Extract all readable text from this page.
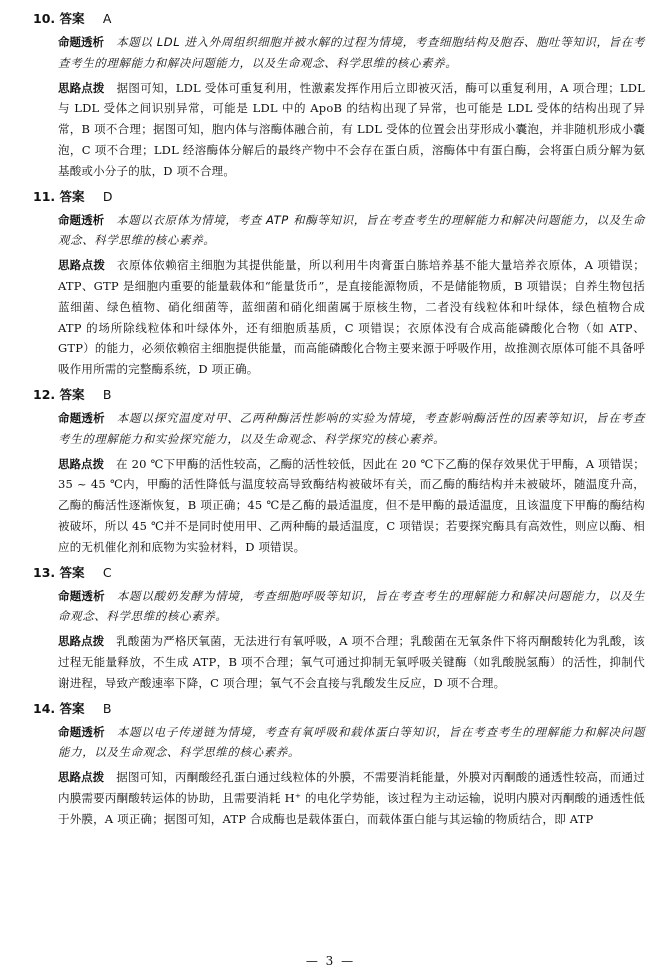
10. 答案 A

命题透析 本题以 LDL 进入外周组织细胞并被水解的过程为情境，考查细胞结构及胞吞、胞吐等知识，旨在考查考生的理解能力和解决问题能力，以及生命观念、科学思维的核心素养。

思路点拨 据图可知，LDL 受体可重复利用，性激素发挥作用后立即被灭活，酶可以重复利用，A 项合理；LDL 与 LDL 受体之间识别异常，可能是 LDL 中的 ApoB 的结构出现了异常，也可能是 LDL 受体的结构出现了异常，B 项不合理；据图可知，胞内体与溶酶体融合前，有 LDL 受体的位置会出芽形成小囊泡，并非随机形成小囊泡，C 项不合理；LDL 经溶酶体分解后的最终产物中不会存在蛋白质，溶酶体中有蛋白酶，会将蛋白质分解为氨基酸或小分子的肽，D 项不合理。

11. 答案 D

命题透析 本题以衣原体为情境，考查 ATP 和酶等知识，旨在考查考生的理解能力和解决问题能力，以及生命观念、科学思维的核心素养。

思路点拨 衣原体依赖宿主细胞为其提供能量，所以利用牛肉膏蛋白胨培养基不能大量培养衣原体，A 项错误；ATP、GTP 是细胞内重要的能量载体和“能量货币”，是直接能源物质，不是储能物质，B 项错误；自养生物包括蓝细菌、绿色植物、硝化细菌等，蓝细菌和硝化细菌属于原核生物，二者没有线粒体和叶绿体，绿色植物合成 ATP 的场所除线粒体和叶绿体外，还有细胞质基质，C 项错误；衣原体没有合成高能磷酸化合物（如 ATP、GTP）的能力，必须依赖宿主细胞提供能量，而高能磷酸化合物主要来源于呼吸作用，故推测衣原体可能不具备呼吸作用所需的完整酶系统，D 项正确。

12. 答案 B

命题透析 本题以探究温度对甲、乙两种酶活性影响的实验为情境，考查影响酶活性的因素等知识，旨在考查考生的理解能力和实验探究能力，以及生命观念、科学探究的核心素养。

思路点拨 在 20 ℃下甲酶的活性较高，乙酶的活性较低，因此在 20 ℃下乙酶的保存效果优于甲酶，A 项错误；35 ~ 45 ℃内，甲酶的活性降低与温度较高导致酶结构被破坏有关，而乙酶的酶结构并未被破坏，随温度升高，乙酶的酶活性逐渐恢复，B 项正确；45 ℃是乙酶的最适温度，但不是甲酶的最适温度，且该温度下甲酶的酶结构被破坏，所以 45 ℃并不是同时使用甲、乙两种酶的最适温度，C 项错误；若要探究酶具有高效性，则应以酶、相应的无机催化剂和底物为实验材料，D 项错误。

13. 答案 C

命题透析 本题以酸奶发酵为情境，考查细胞呼吸等知识，旨在考查考生的理解能力和解决问题能力，以及生命观念、科学思维的核心素养。

思路点拨 乳酸菌为严格厌氧菌，无法进行有氧呼吸，A 项不合理；乳酸菌在无氧条件下将丙酮酸转化为乳酸，该过程无能量释放，不生成 ATP，B 项不合理；氧气可通过抑制无氧呼吸关键酶（如乳酸脱氢酶）的活性，抑制代谢进程，导致产酸速率下降，C 项合理；氧气不会直接与乳酸发生反应，D 项不合理。

14. 答案 B

命题透析 本题以电子传递链为情境，考查有氧呼吸和载体蛋白等知识，旨在考查考生的理解能力和解决问题能力，以及生命观念、科学思维的核心素养。

思路点拨 据图可知，丙酮酸经孔蛋白通过线粒体的外膜，不需要消耗能量，外膜对丙酮酸的通透性较高，而通过内膜需要丙酮酸转运体的协助，且需要消耗 H⁺ 的电化学势能，该过程为主动运输，说明内膜对丙酮酸的通透性低于外膜，A 项正确；据图可知，ATP 合成酶也是载体蛋白，而载体蛋白能与其运输的物质结合，即 ATP

— 3 —
